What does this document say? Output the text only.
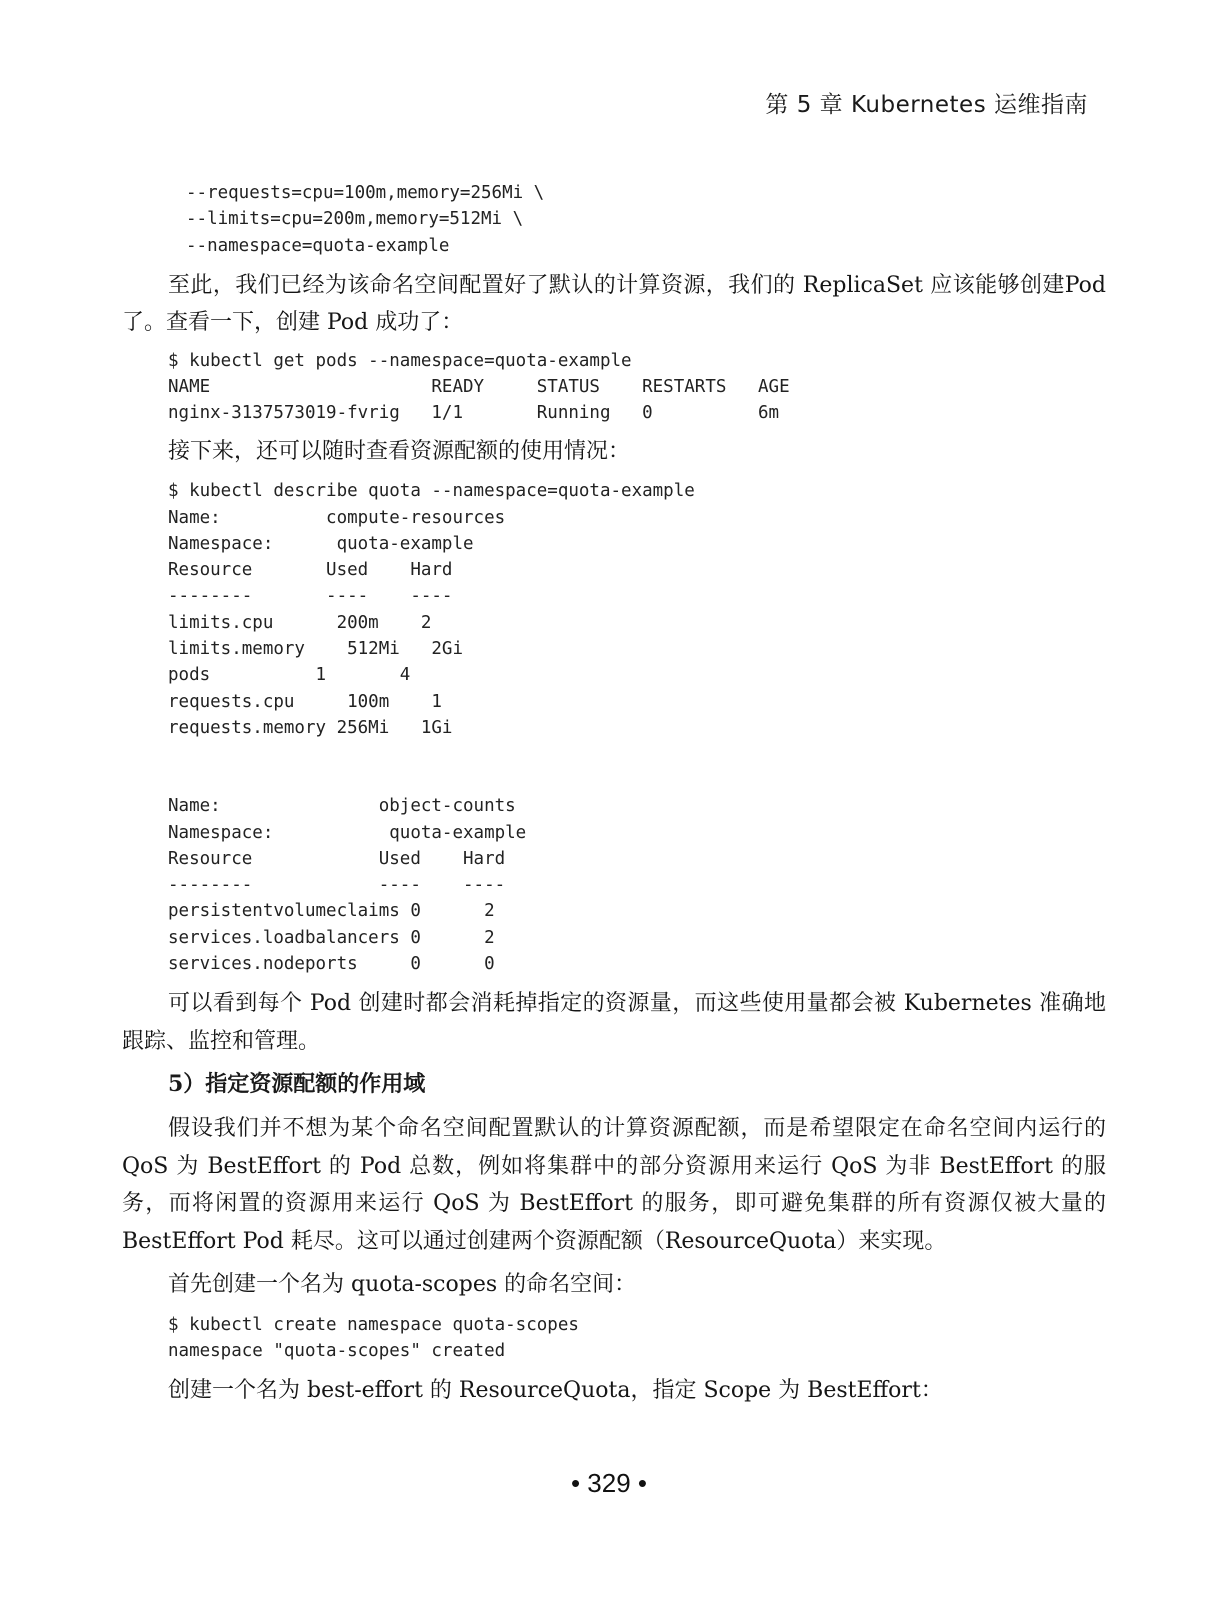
第 5 章 Kubernetes 运维指南
--requests=cpu=100m,memory=256Mi \
--limits=cpu=200m,memory=512Mi \
--namespace=quota-example

至此，我们已经为该命名空间配置好了默认的计算资源，我们的 ReplicaSet 应该能够创建Pod 了。查看一下，创建 Pod 成功了：

$ kubectl get pods --namespace=quota-example
NAME                     READY     STATUS    RESTARTS   AGE
nginx-3137573019-fvrig   1/1       Running   0          6m

接下来，还可以随时查看资源配额的使用情况：

$ kubectl describe quota --namespace=quota-example
Name:          compute-resources
Namespace:      quota-example
Resource       Used    Hard
--------       ----    ----
limits.cpu      200m    2
limits.memory    512Mi   2Gi
pods          1       4
requests.cpu     100m    1
requests.memory 256Mi   1Gi
Name:               object-counts
Namespace:           quota-example
Resource            Used    Hard
--------            ----    ----
persistentvolumeclaims 0      2
services.loadbalancers 0      2
services.nodeports     0      0

可以看到每个 Pod 创建时都会消耗掉指定的资源量，而这些使用量都会被 Kubernetes 准确地跟踪、监控和管理。

5）指定资源配额的作用域

假设我们并不想为某个命名空间配置默认的计算资源配额，而是希望限定在命名空间内运行的 QoS 为 BestEffort 的 Pod 总数，例如将集群中的部分资源用来运行 QoS 为非 BestEffort 的服务，而将闲置的资源用来运行 QoS 为 BestEffort 的服务，即可避免集群的所有资源仅被大量的 BestEffort Pod 耗尽。这可以通过创建两个资源配额（ResourceQuota）来实现。

首先创建一个名为 quota-scopes 的命名空间：

$ kubectl create namespace quota-scopes
namespace "quota-scopes" created

创建一个名为 best-effort 的 ResourceQuota，指定 Scope 为 BestEffort：

• 329 •
